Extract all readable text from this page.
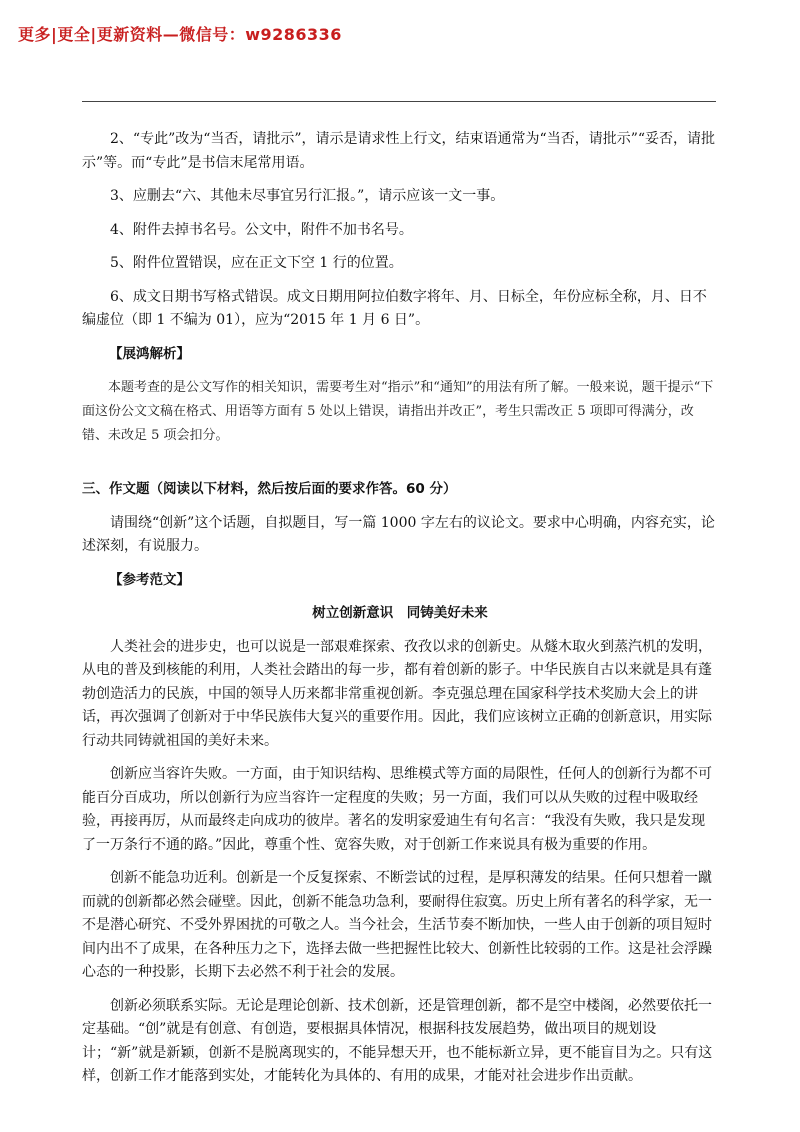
更多|更全|更新资料—微信号：w9286336

2、“专此”改为“当否，请批示”，请示是请求性上行文，结束语通常为“当否，请批示”“妥否，请批示”等。而“专此”是书信末尾常用语。

3、应删去“六、其他未尽事宜另行汇报。”，请示应该一文一事。

4、附件去掉书名号。公文中，附件不加书名号。

5、附件位置错误，应在正文下空 1 行的位置。

6、成文日期书写格式错误。成文日期用阿拉伯数字将年、月、日标全，年份应标全称，月、日不编虚位（即 1 不编为 01），应为“2015 年 1 月 6 日”。

【展鸿解析】

本题考查的是公文写作的相关知识，需要考生对“指示”和“通知”的用法有所了解。一般来说，题干提示“下面这份公文文稿在格式、用语等方面有 5 处以上错误，请指出并改正”，考生只需改正 5 项即可得满分，改错、未改足 5 项会扣分。

三、作文题（阅读以下材料，然后按后面的要求作答。60 分）

请围绕“创新”这个话题，自拟题目，写一篇 1000 字左右的议论文。要求中心明确，内容充实，论述深刻，有说服力。

【参考范文】

树立创新意识　同铸美好未来

人类社会的进步史，也可以说是一部艰难探索、孜孜以求的创新史。从燧木取火到蒸汽机的发明，从电的普及到核能的利用，人类社会踏出的每一步，都有着创新的影子。中华民族自古以来就是具有蓬勃创造活力的民族，中国的领导人历来都非常重视创新。李克强总理在国家科学技术奖励大会上的讲话，再次强调了创新对于中华民族伟大复兴的重要作用。因此，我们应该树立正确的创新意识，用实际行动共同铸就祖国的美好未来。

创新应当容许失败。一方面，由于知识结构、思维模式等方面的局限性，任何人的创新行为都不可能百分百成功，所以创新行为应当容许一定程度的失败；另一方面，我们可以从失败的过程中吸取经验，再接再厉，从而最终走向成功的彼岸。著名的发明家爱迪生有句名言：“我没有失败，我只是发现了一万条行不通的路。”因此，尊重个性、宽容失败，对于创新工作来说具有极为重要的作用。

创新不能急功近利。创新是一个反复探索、不断尝试的过程，是厚积薄发的结果。任何只想着一蹴而就的创新都必然会碰壁。因此，创新不能急功急利，要耐得住寂寞。历史上所有著名的科学家，无一不是潜心研究、不受外界困扰的可敬之人。当今社会，生活节奏不断加快，一些人由于创新的项目短时间内出不了成果，在各种压力之下，选择去做一些把握性比较大、创新性比较弱的工作。这是社会浮躁心态的一种投影，长期下去必然不利于社会的发展。

创新必须联系实际。无论是理论创新、技术创新，还是管理创新，都不是空中楼阁，必然要依托一定基础。“创”就是有创意、有创造，要根据具体情况，根据科技发展趋势，做出项目的规划设计；“新”就是新颖，创新不是脱离现实的，不能异想天开，也不能标新立异，更不能盲目为之。只有这样，创新工作才能落到实处，才能转化为具体的、有用的成果，才能对社会进步作出贡献。
